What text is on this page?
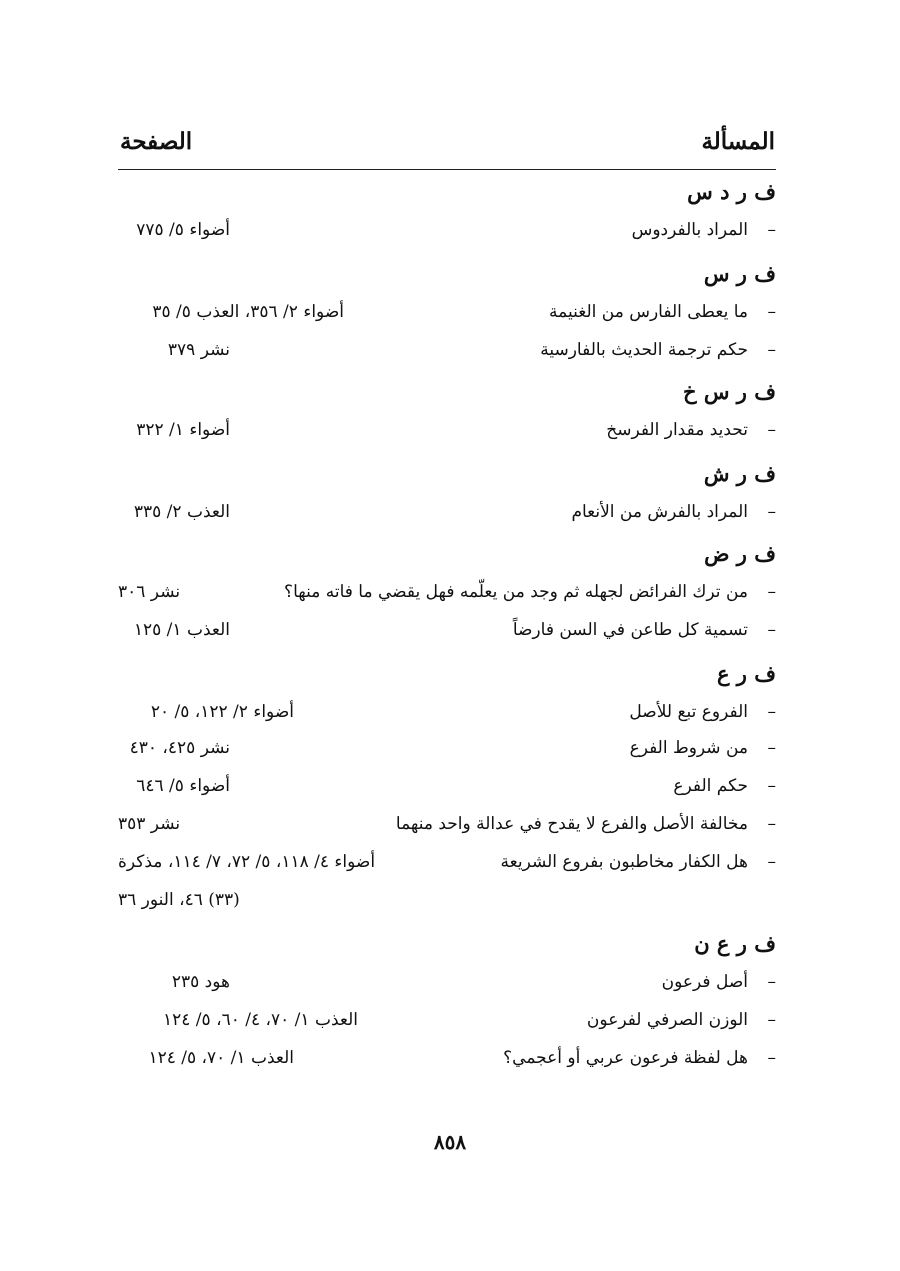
المسألة
الصفحة
ف ر د س
–
المراد بالفردوس
أضواء ٥/ ٧٧٥
ف ر س
–
ما يعطى الفارس من الغنيمة
أضواء ٢/ ٣٥٦، العذب ٥/ ٣٥
–
حكم ترجمة الحديث بالفارسية
نشر ٣٧٩
ف ر س خ
–
تحديد مقدار الفرسخ
أضواء ١/ ٣٢٢
ف ر ش
–
المراد بالفرش من الأنعام
العذب ٢/ ٣٣٥
ف ر ض
–
من ترك الفرائض لجهله ثم وجد من يعلّمه فهل يقضي ما فاته منها؟
نشر ٣٠٦
–
تسمية كل طاعن في السن فارضاً
العذب ١/ ١٢٥
ف ر ع
–
الفروع تبع للأصل
أضواء ٢/ ١٢٢، ٥/ ٢٠
–
من شروط الفرع
نشر ٤٢٥، ٤٣٠
–
حكم الفرع
أضواء ٥/ ٦٤٦
–
مخالفة الأصل والفرع لا يقدح في عدالة واحد منهما
نشر ٣٥٣
–
هل الكفار مخاطبون بفروع الشريعة
أضواء ٤/ ١١٨، ٥/ ٧٢، ٧/ ١١٤، مذكرة
(٣٣) ٤٦، النور ٣٦
ف ر ع ن
–
أصل فرعون
هود ٢٣٥
–
الوزن الصرفي لفرعون
العذب ١/ ٧٠، ٤/ ٦٠، ٥/ ١٢٤
–
هل لفظة فرعون عربي أو أعجمي؟
العذب ١/ ٧٠، ٥/ ١٢٤
٨٥٨
